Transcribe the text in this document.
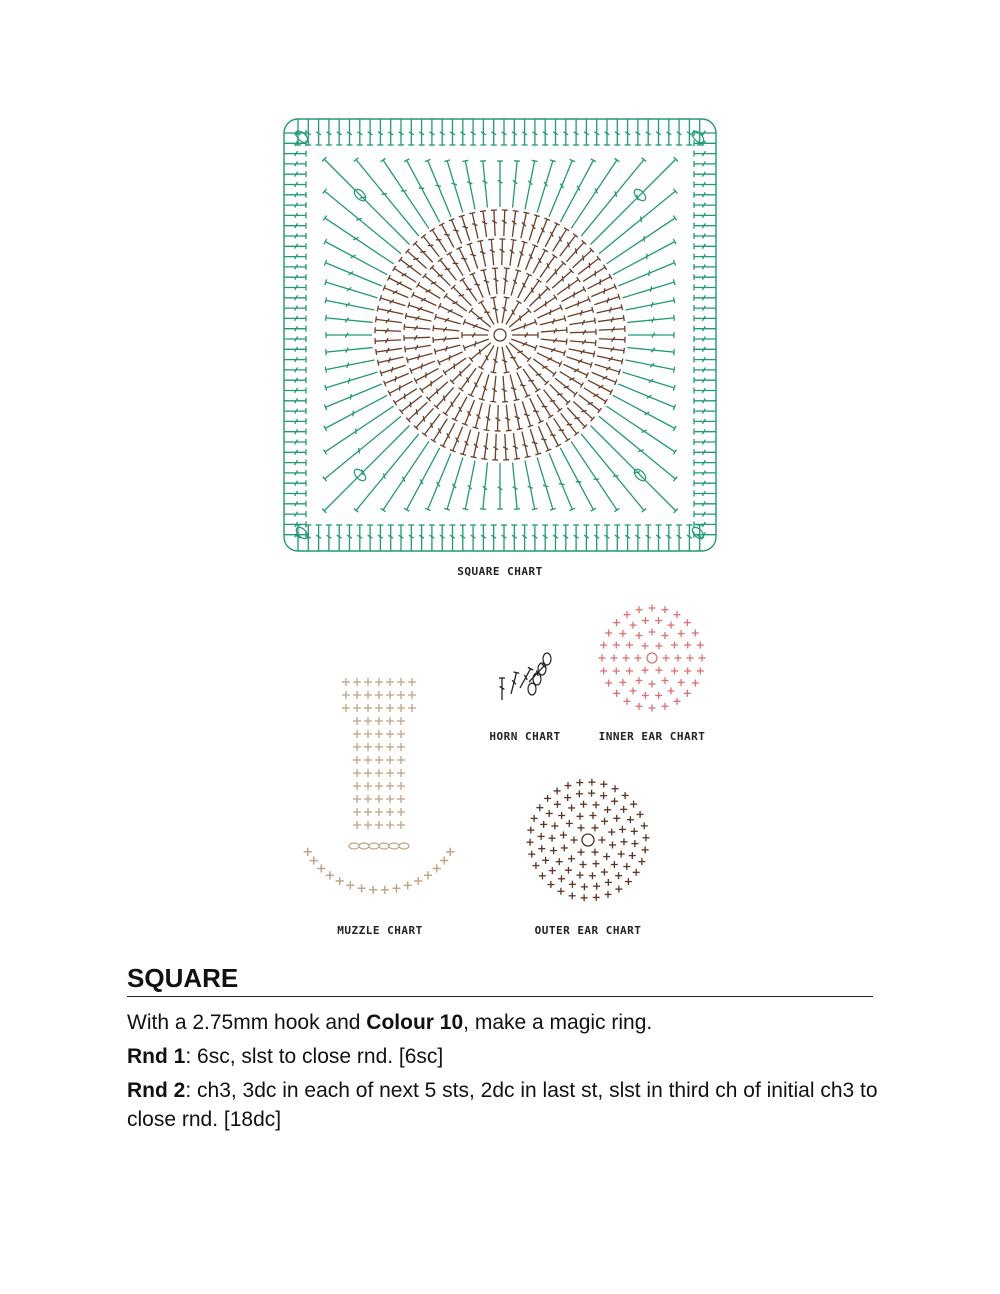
SQUARE CHART
HORN CHART	INNER EAR CHART
MUZZLE CHART	OUTER EAR CHART
SQUARE

With a 2.75mm hook and Colour 10, make a magic ring.

Rnd 1: 6sc, slst to close rnd. [6sc]

Rnd 2: ch3, 3dc in each of next 5 sts, 2dc in last st, slst in third ch of initial ch3 to close rnd. [18dc]
